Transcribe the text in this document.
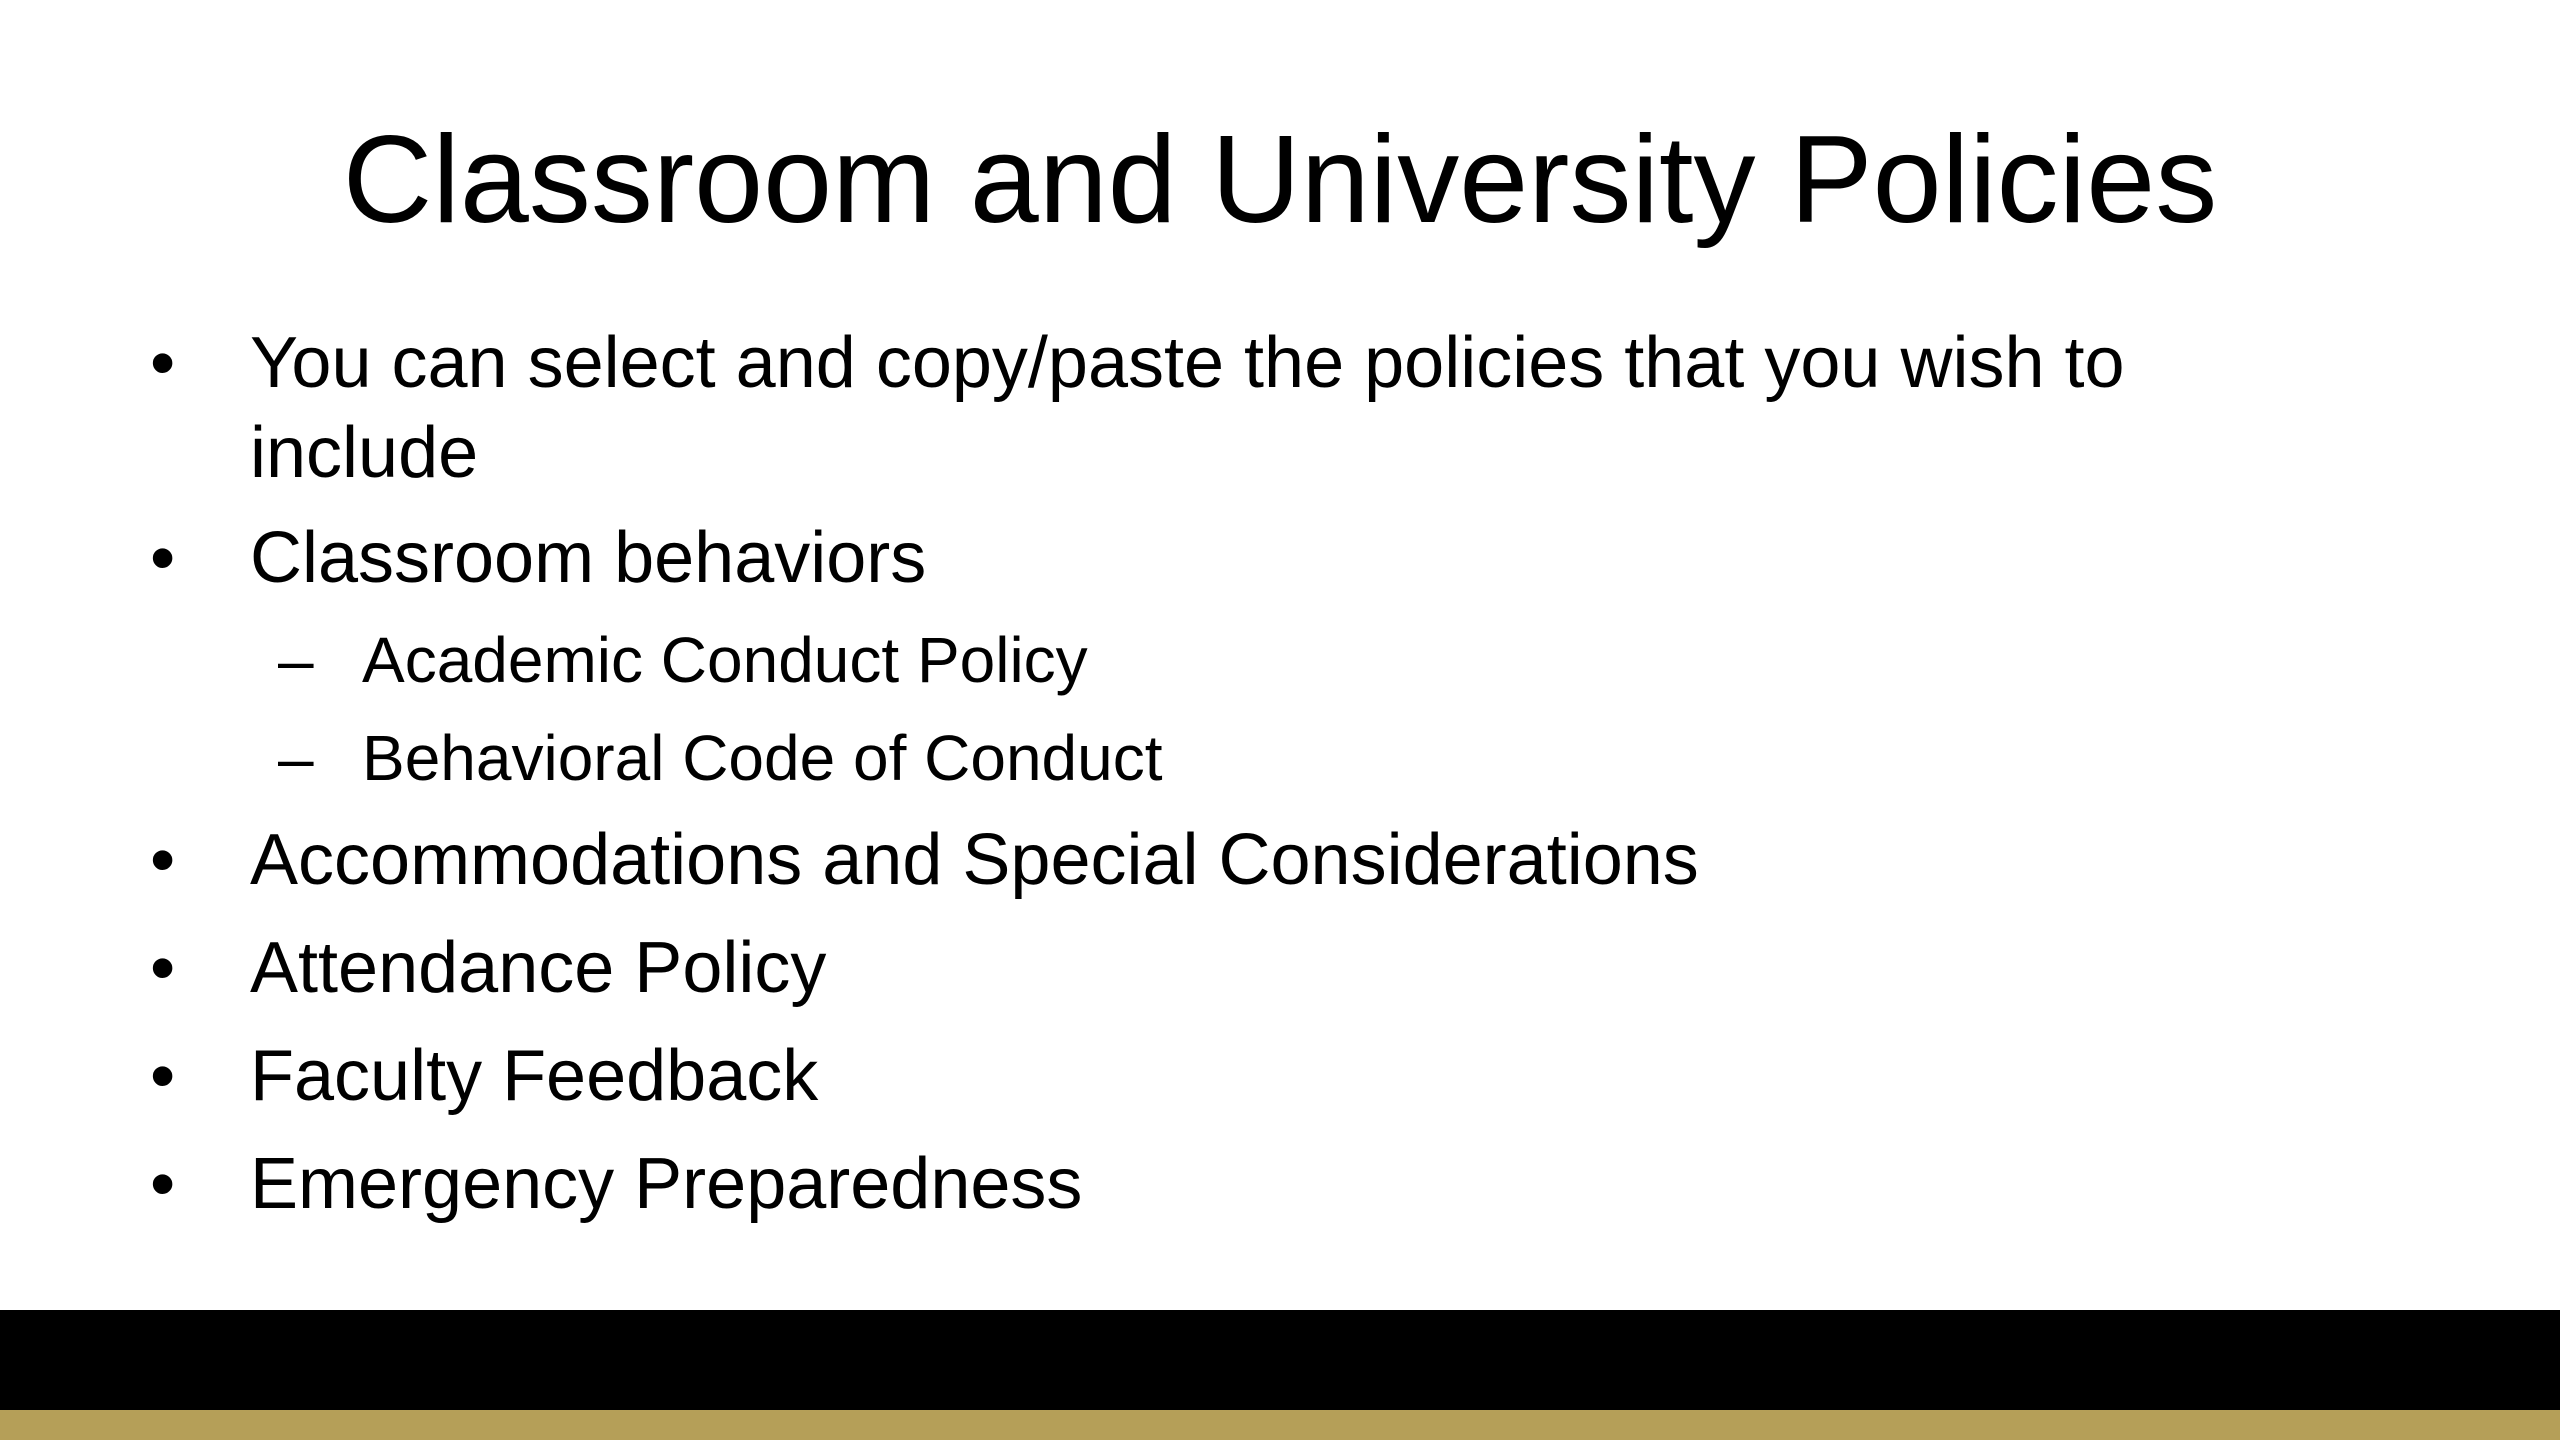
Classroom and University Policies
• You can select and copy/paste the policies that you wish to include
• Classroom behaviors
– Academic Conduct Policy
– Behavioral Code of Conduct
• Accommodations and Special Considerations
• Attendance Policy
• Faculty Feedback
• Emergency Preparedness
